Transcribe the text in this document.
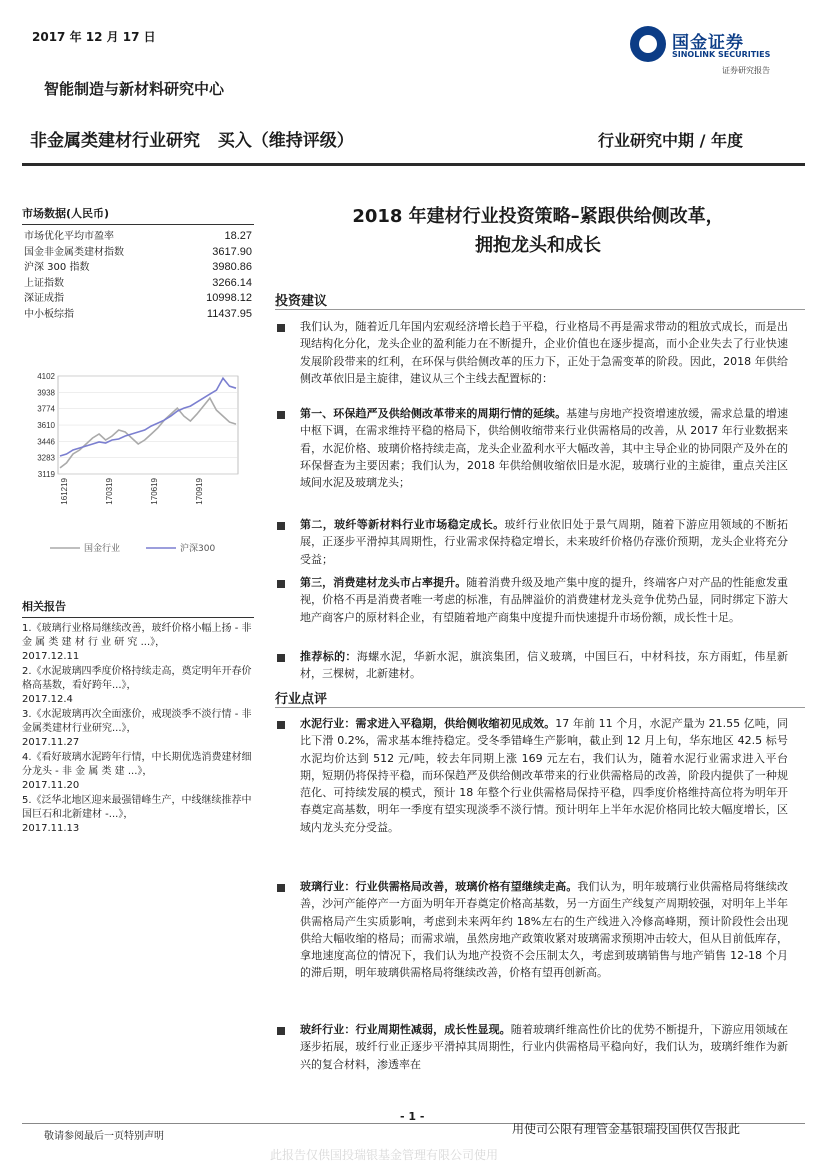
2017 年 12 月 17 日	国金证券
SINOLINK SECURITIES
证券研究报告
智能制造与新材料研究中心
非金属类建材行业研究   买入（维持评级）	行业研究中期 / 年度
市场数据(人民币)
市场优化平均市盈率	18.27
国金非金属类建材指数	3617.90
沪深 300 指数	3980.86
上证指数	3266.14
深证成指	10998.12
中小板综指	11437.95
4102
3938
3774
3610
3446
3283
3119
161219	170319	170619	170919
国金行业	沪深300
相关报告
1.《玻璃行业格局继续改善，玻纤价格小幅上扬 - 非 金 属 类 建 材 行 业 研 究 ...》，
2017.12.11
2.《水泥玻璃四季度价格持续走高，奠定明年开春价格高基数，看好跨年...》，
2017.12.4
3.《水泥玻璃再次全面涨价，戒现淡季不淡行情 - 非金属类建材行业研究...》，
2017.11.27
4.《看好玻璃水泥跨年行情，中长期优选消费建材细分龙头 - 非 金 属 类 建 ...》，
2017.11.20
5.《泛华北地区迎来最强错峰生产，中线继续推荐中国巨石和北新建材 -...》，
2017.11.13
2018 年建材行业投资策略–紧跟供给侧改革，
拥抱龙头和成长
投资建议
我们认为，随着近几年国内宏观经济增长趋于平稳，行业格局不再是需求带动的粗放式成长，而是出现结构化分化，龙头企业的盈利能力在不断提升，企业价值也在逐步提高，而小企业失去了行业快速发展阶段带来的红利，在环保与供给侧改革的压力下，正处于急需变革的阶段。因此，2018 年供给侧改革依旧是主旋律，建议从三个主线去配置标的：
第一、环保趋严及供给侧改革带来的周期行情的延续。基建与房地产投资增速放缓，需求总量的增速中枢下调，在需求维持平稳的格局下，供给侧收缩带来行业供需格局的改善，从 2017 年行业数据来看，水泥价格、玻璃价格持续走高，龙头企业盈利水平大幅改善，其中主导企业的协同限产及外在的环保督查为主要因素；我们认为，2018 年供给侧收缩依旧是水泥，玻璃行业的主旋律，重点关注区域间水泥及玻璃龙头；
第二，玻纤等新材料行业市场稳定成长。玻纤行业依旧处于景气周期，随着下游应用领域的不断拓展，正逐步平滑掉其周期性，行业需求保持稳定增长，未来玻纤价格仍存涨价预期，龙头企业将充分受益；
第三，消费建材龙头市占率提升。随着消费升级及地产集中度的提升，终端客户对产品的性能愈发重视，价格不再是消费者唯一考虑的标准，有品牌溢价的消费建材龙头竞争优势凸显，同时绑定下游大地产商客户的原材料企业，有望随着地产商集中度提升而快速提升市场份额，成长性十足。
推荐标的：海螺水泥，华新水泥，旗滨集团，信义玻璃，中国巨石，中材科技，东方雨虹，伟星新材，三棵树，北新建材。
行业点评
水泥行业：需求进入平稳期，供给侧收缩初见成效。17 年前 11 个月，水泥产量为 21.55 亿吨，同比下滑 0.2%，需求基本维持稳定。受冬季错峰生产影响，截止到 12 月上旬，华东地区 42.5 标号水泥均价达到 512 元/吨，较去年同期上涨 169 元左右，我们认为，随着水泥行业需求进入平台期，短期仍将保持平稳，而环保趋严及供给侧改革带来的行业供需格局的改善，阶段内提供了一种规范化、可持续发展的模式，预计 18 年整个行业供需格局保持平稳，四季度价格维持高位将为明年开春奠定高基数，明年一季度有望实现淡季不淡行情。预计明年上半年水泥价格同比较大幅度增长，区域内龙头充分受益。
玻璃行业：行业供需格局改善，玻璃价格有望继续走高。我们认为，明年玻璃行业供需格局将继续改善，沙河产能停产一方面为明年开春奠定价格高基数，另一方面生产线复产周期较强，对明年上半年供需格局产生实质影响，考虑到未来两年约 18%左右的生产线进入冷修高峰期，预计阶段性会出现供给大幅收缩的格局；而需求端，虽然房地产政策收紧对玻璃需求预期冲击较大，但从目前低库存，拿地速度高位的情况下，我们认为地产投资不会压制太久，考虑到玻璃销售与地产销售 12-18 个月的滞后期，明年玻璃供需格局将继续改善，价格有望再创新高。
玻纤行业：行业周期性减弱，成长性显现。随着玻璃纤维高性价比的优势不断提升，下游应用领域在逐步拓展，玻纤行业正逐步平滑掉其周期性，行业内供需格局平稳向好，我们认为，玻璃纤维作为新兴的复合材料，渗透率在
- 1 -
敬请参阅最后一页特别声明
用使司公限有理管金基银瑞投国供仅告报此
此报告仅供国投瑞银基金管理有限公司使用
